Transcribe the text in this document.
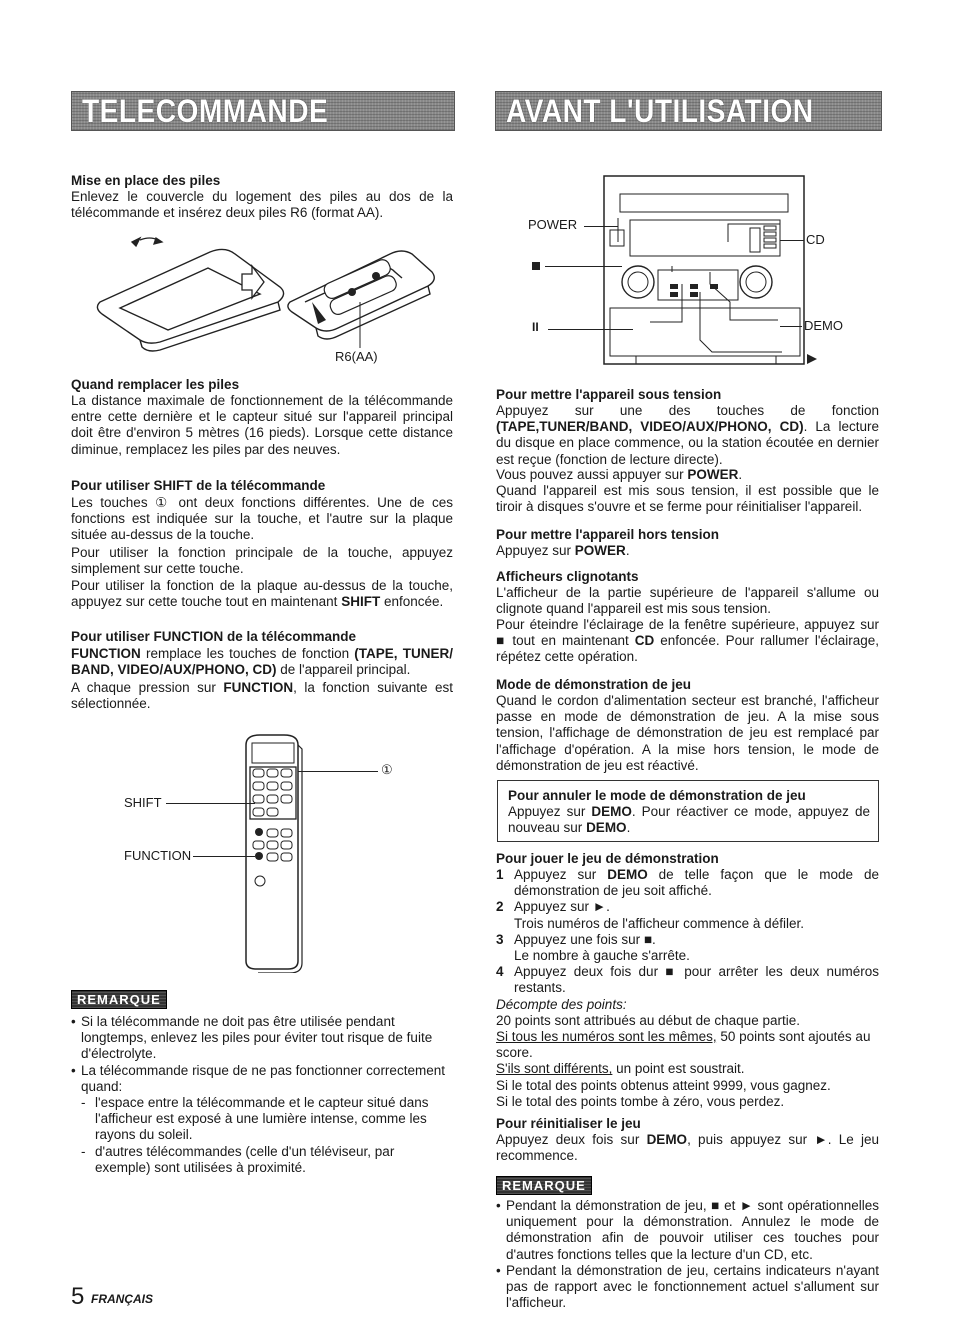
TELECOMMANDE	AVANT L'UTILISATION
Mise en place des piles
Enlevez le couvercle du logement des piles au dos de la télécommande et insérez deux piles R6 (format AA).
R6(AA)
Quand remplacer les piles
La distance maximale de fonctionnement de la télécommande entre cette dernière et le capteur situé sur l'appareil principal doit être d'environ 5 mètres (16 pieds). Lorsque cette distance diminue, remplacez les piles par des neuves.
Pour utiliser SHIFT de la télécommande
Les touches ① ont deux fonctions différentes. Une de ces fonctions est indiquée sur la touche, et l'autre sur la plaque située au-dessus de la touche.
Pour utiliser la fonction principale de la touche, appuyez simplement sur cette touche.
Pour utiliser la fonction de la plaque au-dessus de la touche, appuyez sur cette touche tout en maintenant SHIFT enfoncée.
Pour utiliser FUNCTION de la télécommande
FUNCTION remplace les touches de fonction (TAPE, TUNER/ BAND, VIDEO/AUX/PHONO, CD) de l'appareil principal.
A chaque pression sur FUNCTION, la fonction suivante est sélectionnée.
①
SHIFT
FUNCTION
REMARQUE
• Si la télécommande ne doit pas être utilisée pendant longtemps, enlevez les piles pour éviter tout risque de fuite d'électrolyte.
• La télécommande risque de ne pas fonctionner correctement quand:
- l'espace entre la télécommande et le capteur situé dans l'afficheur est exposé à une lumière intense, comme les rayons du soleil.
- d'autres télécommandes (celle d'un téléviseur, par exemple) sont utilisées à proximité.
5 FRANÇAIS
POWER
II
CD
DEMO
Pour mettre l'appareil sous tension
Appuyez sur une des touches de fonction (TAPE,TUNER/BAND, VIDEO/AUX/PHONO, CD). La lecture du disque en place commence, ou la station écoutée en dernier est reçue (fonction de lecture directe).
Vous pouvez aussi appuyer sur POWER.
Quand l'appareil est mis sous tension, il est possible que le tiroir à disques s'ouvre et se ferme pour réinitialiser l'appareil.
Pour mettre l'appareil hors tension
Appuyez sur POWER.
Afficheurs clignotants
L'afficheur de la partie supérieure de l'appareil s'allume ou clignote quand l'appareil est mis sous tension.
Pour éteindre l'éclairage de la fenêtre supérieure, appuyez sur ■ tout en maintenant CD enfoncée. Pour rallumer l'éclairage, répétez cette opération.
Mode de démonstration de jeu
Quand le cordon d'alimentation secteur est branché, l'afficheur passe en mode de démonstration de jeu. A la mise sous tension, l'affichage de démonstration de jeu est remplacé par l'affichage d'opération. A la mise hors tension, le mode de démonstration de jeu est réactivé.
Pour annuler le mode de démonstration de jeu
Appuyez sur DEMO. Pour réactiver ce mode, appuyez de nouveau sur DEMO.
Pour jouer le jeu de démonstration
1 Appuyez sur DEMO de telle façon que le mode de démonstration de jeu soit affiché.
2 Appuyez sur ►.
Trois numéros de l'afficheur commence à défiler.
3 Appuyez une fois sur ■.
Le nombre à gauche s'arrête.
4 Appuyez deux fois dur ■ pour arrêter les deux numéros restants.
Décompte des points:
20 points sont attribués au début de chaque partie.
Si tous les numéros sont les mêmes, 50 points sont ajoutés au score.
S'ils sont différents, un point est soustrait.
Si le total des points obtenus atteint 9999, vous gagnez.
Si le total des points tombe à zéro, vous perdez.
Pour réinitialiser le jeu
Appuyez deux fois sur DEMO, puis appuyez sur ►. Le jeu recommence.
REMARQUE
• Pendant la démonstration de jeu, ■ et ► sont opérationnelles uniquement pour la démonstration. Annulez le mode de démonstration afin de pouvoir utiliser ces touches pour d'autres fonctions telles que la lecture d'un CD, etc.
• Pendant la démonstration de jeu, certains indicateurs n'ayant pas de rapport avec le fonctionnement actuel s'allument sur l'afficheur.
